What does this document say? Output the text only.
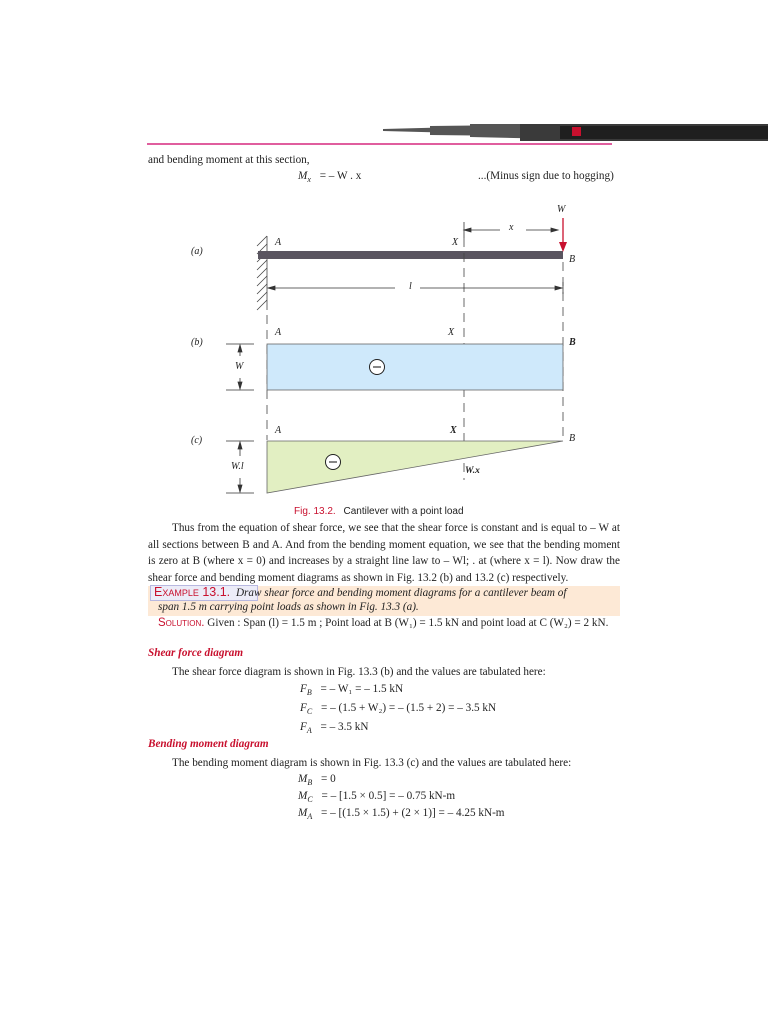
and bending moment at this section,
$M_x$ = – W . x	...(Minus sign due to hogging)
(a)
(b)
(c)
W
x
X
X
X
A
A
A
B
B
B
l
W
W.l	W.x
Fig. 13.2. Cantilever with a point load
Thus from the equation of shear force, we see that the shear force is constant and is equal to – W at all sections between B and A. And from the bending moment equation, we see that the bending moment is zero at B (where x = 0) and increases by a straight line law to – Wl; . at (where x = l). Now draw the shear force and bending moment diagrams as shown in Fig. 13.2 (b) and 13.2 (c) respectively.
Example 13.1. Draw shear force and bending moment diagrams for a cantilever beam of
span 1.5 m carrying point loads as shown in Fig. 13.3 (a).
Solution. Given : Span (l) = 1.5 m ; Point load at B (W₁) = 1.5 kN and point load at C (W₂) = 2 kN.
Shear force diagram
The shear force diagram is shown in Fig. 13.3 (b) and the values are tabulated here:
$F_B$ = – W₁ = – 1.5 kN
$F_C$ = – (1.5 + W₂) = – (1.5 + 2) = – 3.5 kN
$F_A$ = – 3.5 kN
Bending moment diagram
The bending moment diagram is shown in Fig. 13.3 (c) and the values are tabulated here:
$M_B = 0$
$M_C$ = – [1.5 × 0.5] = – 0.75 kN-m
$M_A$ = – [(1.5 × 1.5) + (2 × 1)] = – 4.25 kN-m
